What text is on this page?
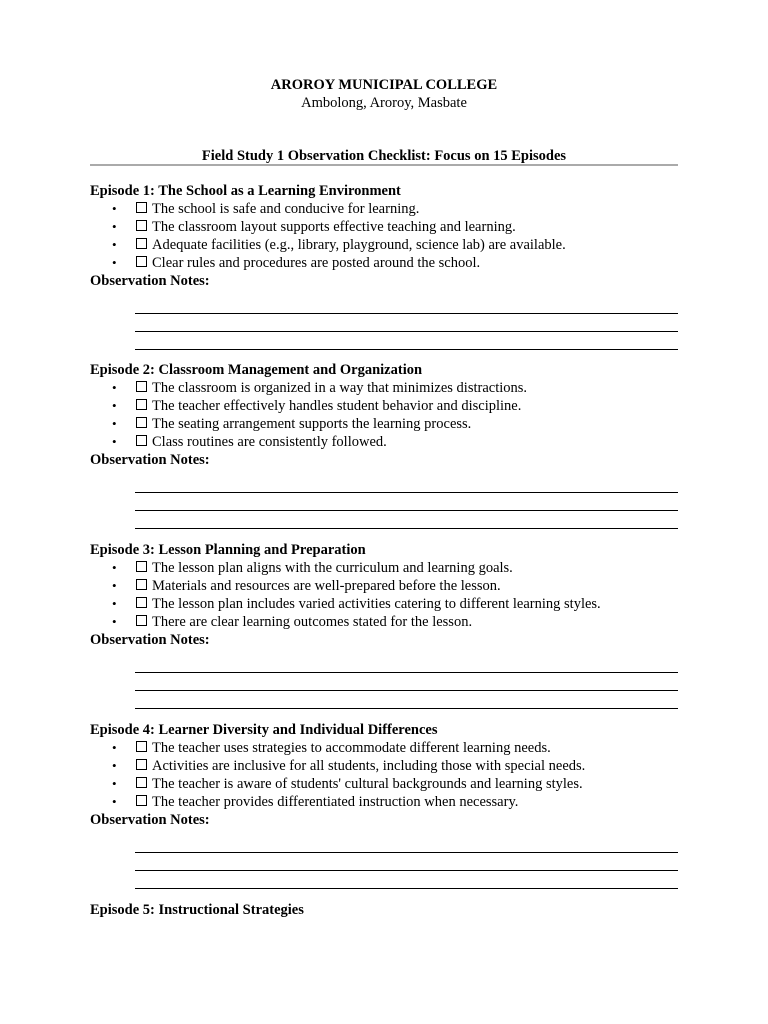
AROROY MUNICIPAL COLLEGE
Ambolong, Aroroy, Masbate
Field Study 1 Observation Checklist: Focus on 15 Episodes
Episode 1: The School as a Learning Environment
• The school is safe and conducive for learning.
• The classroom layout supports effective teaching and learning.
• Adequate facilities (e.g., library, playground, science lab) are available.
• Clear rules and procedures are posted around the school.
Observation Notes:
Episode 2: Classroom Management and Organization
• The classroom is organized in a way that minimizes distractions.
• The teacher effectively handles student behavior and discipline.
• The seating arrangement supports the learning process.
• Class routines are consistently followed.
Observation Notes:
Episode 3: Lesson Planning and Preparation
• The lesson plan aligns with the curriculum and learning goals.
• Materials and resources are well-prepared before the lesson.
• The lesson plan includes varied activities catering to different learning styles.
• There are clear learning outcomes stated for the lesson.
Observation Notes:
Episode 4: Learner Diversity and Individual Differences
• The teacher uses strategies to accommodate different learning needs.
• Activities are inclusive for all students, including those with special needs.
• The teacher is aware of students' cultural backgrounds and learning styles.
• The teacher provides differentiated instruction when necessary.
Observation Notes:
Episode 5: Instructional Strategies
